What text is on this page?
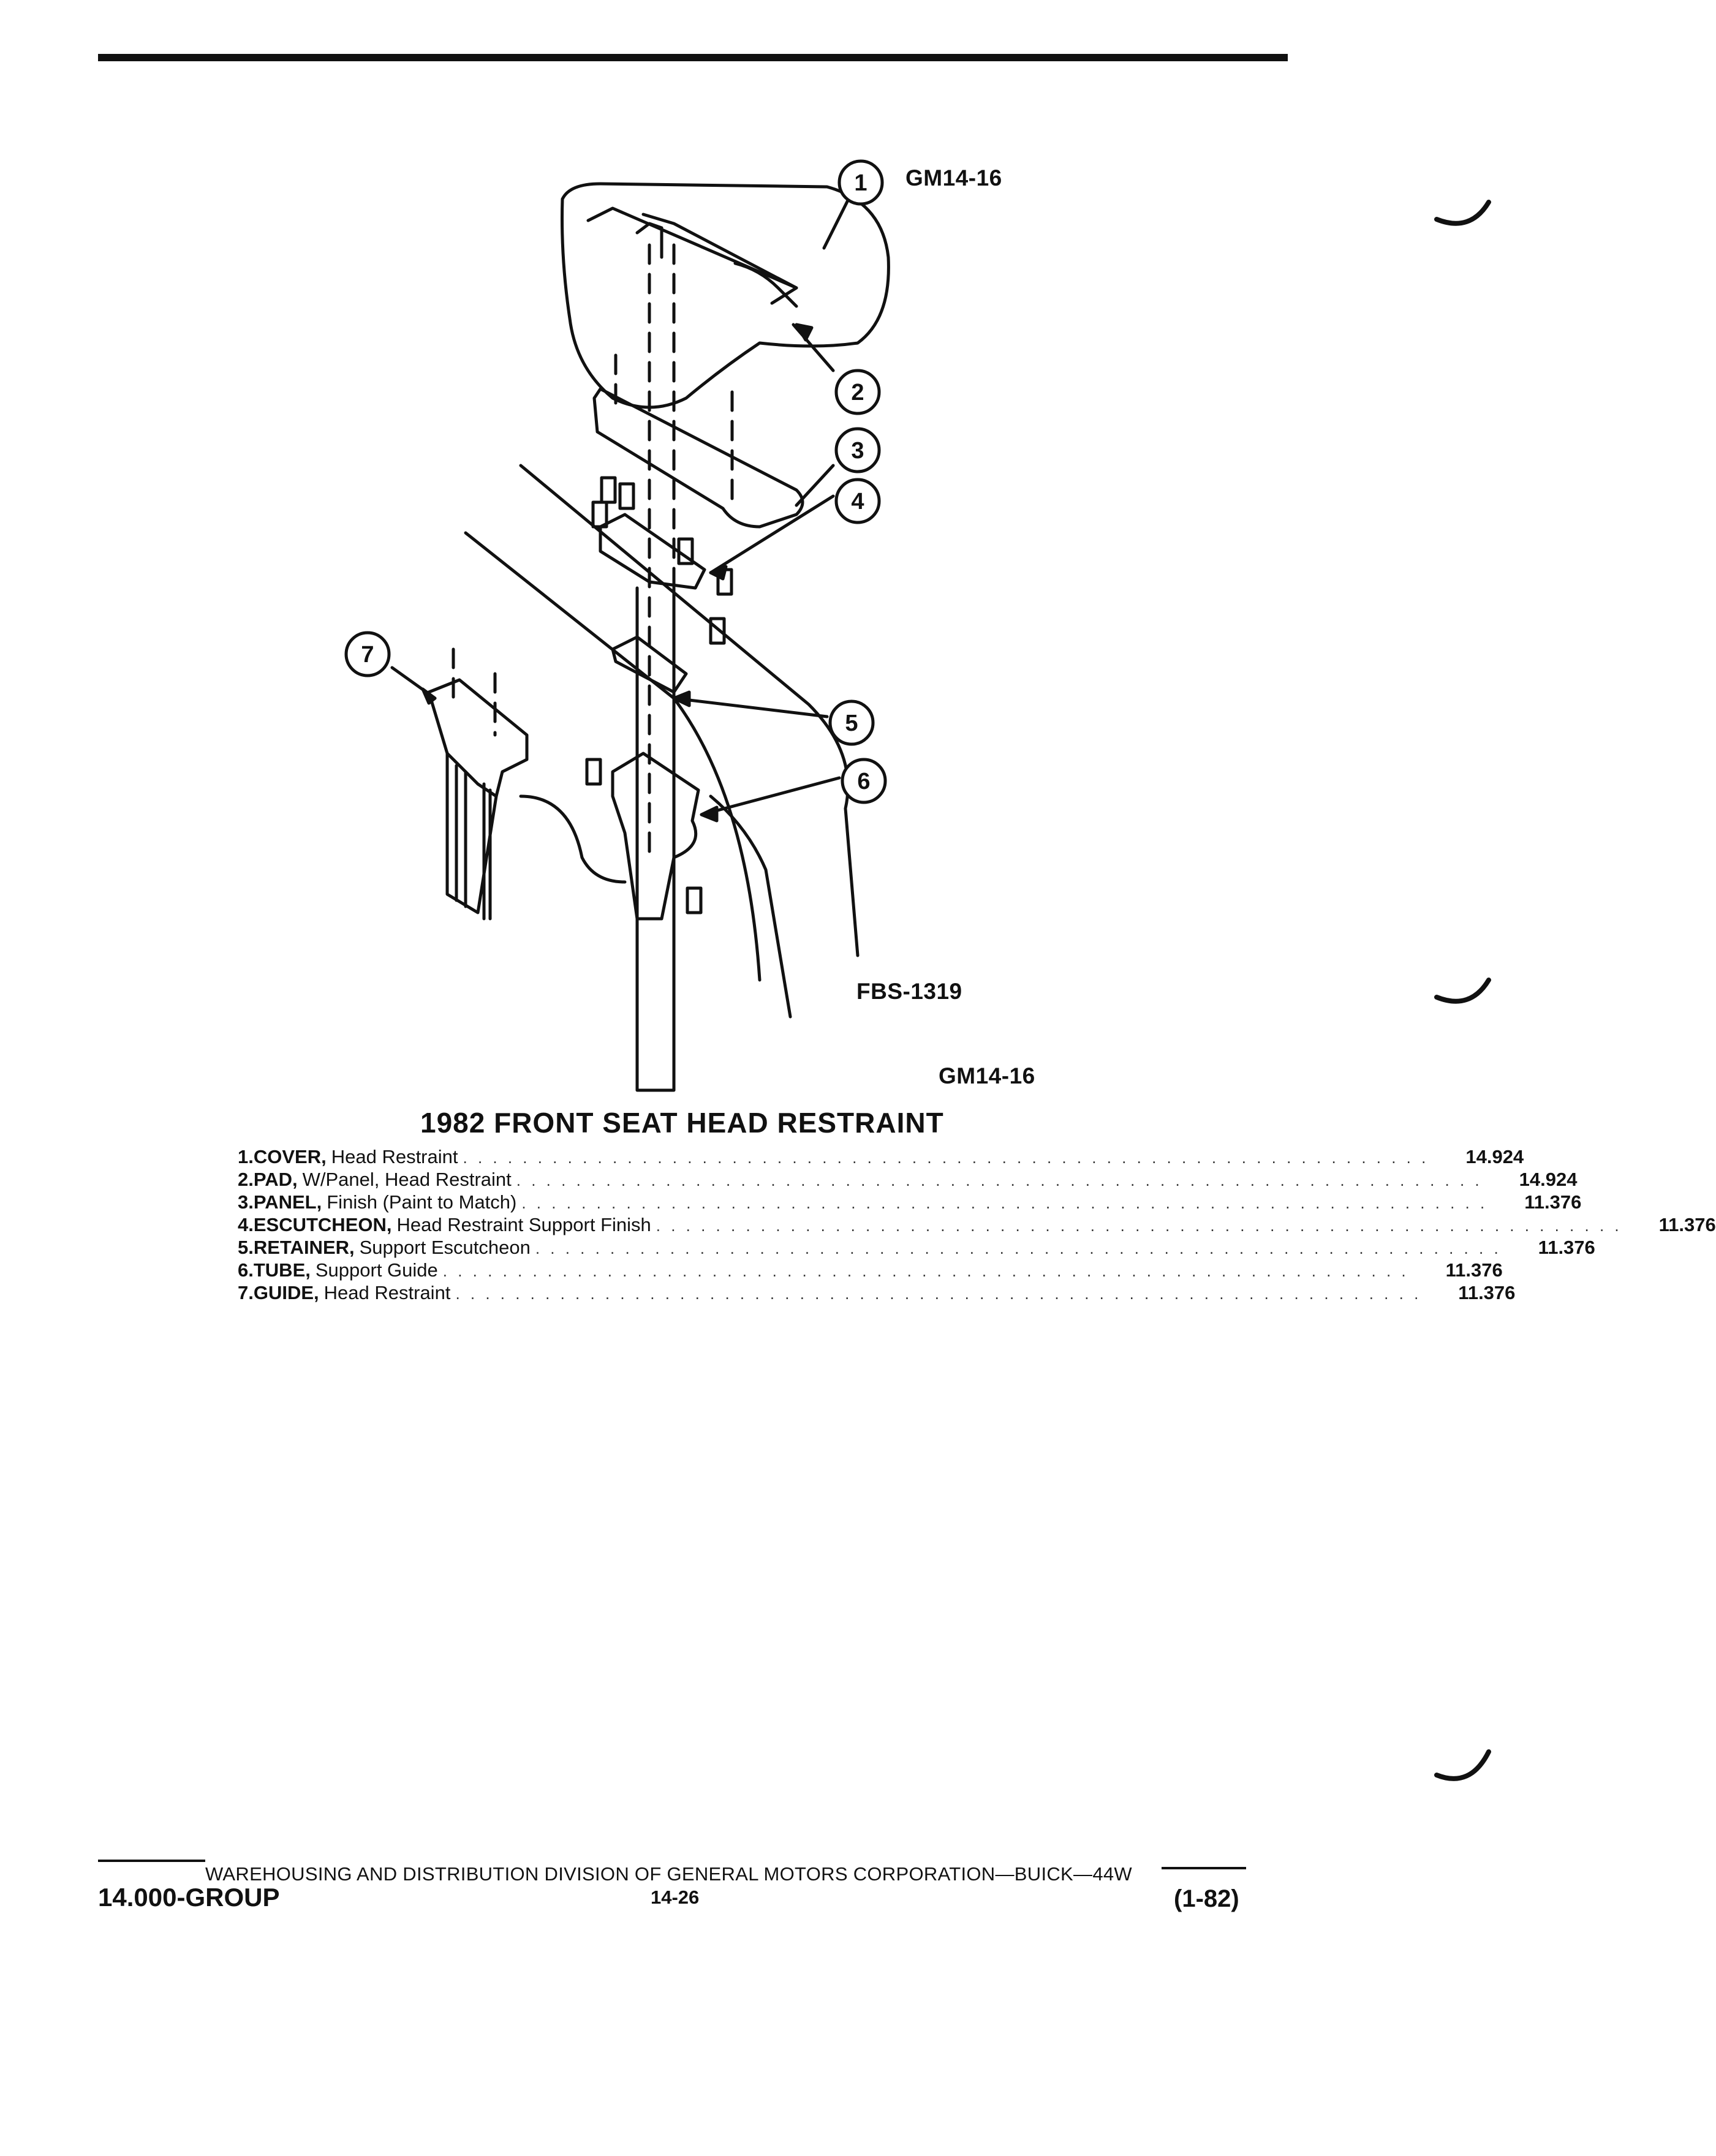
1
2
3
4
5
6
7
GM14-16
FBS-1319
GM14-16
1982 FRONT SEAT HEAD RESTRAINT
1. COVER, Head Restraint . . . . . . . . . . . . . . . . . . . . . . . . . . . . . . . . . . . . . . . . . . . . . . . . . . . . . . . . . . . . . . . . . 14.924
2. PAD, W/Panel, Head Restraint . . . . . . . . . . . . . . . . . . . . . . . . . . . . . . . . . . . . . . . . . . . . . . . . . . . . . . . . . . . . . . . . . 14.924
3. PANEL, Finish (Paint to Match) . . . . . . . . . . . . . . . . . . . . . . . . . . . . . . . . . . . . . . . . . . . . . . . . . . . . . . . . . . . . . . . . . 11.376
4. ESCUTCHEON, Head Restraint Support Finish . . . . . . . . . . . . . . . . . . . . . . . . . . . . . . . . . . . . . . . . . . . . . . . . . . . . . . . . . . . . . . . . . 11.376
5. RETAINER, Support Escutcheon . . . . . . . . . . . . . . . . . . . . . . . . . . . . . . . . . . . . . . . . . . . . . . . . . . . . . . . . . . . . . . . . . 11.376
6. TUBE, Support Guide . . . . . . . . . . . . . . . . . . . . . . . . . . . . . . . . . . . . . . . . . . . . . . . . . . . . . . . . . . . . . . . . . 11.376
7. GUIDE, Head Restraint . . . . . . . . . . . . . . . . . . . . . . . . . . . . . . . . . . . . . . . . . . . . . . . . . . . . . . . . . . . . . . . . . 11.376
WAREHOUSING AND DISTRIBUTION DIVISION OF GENERAL MOTORS CORPORATION—BUICK—44W
14.000-GROUP	14-26	(1-82)
